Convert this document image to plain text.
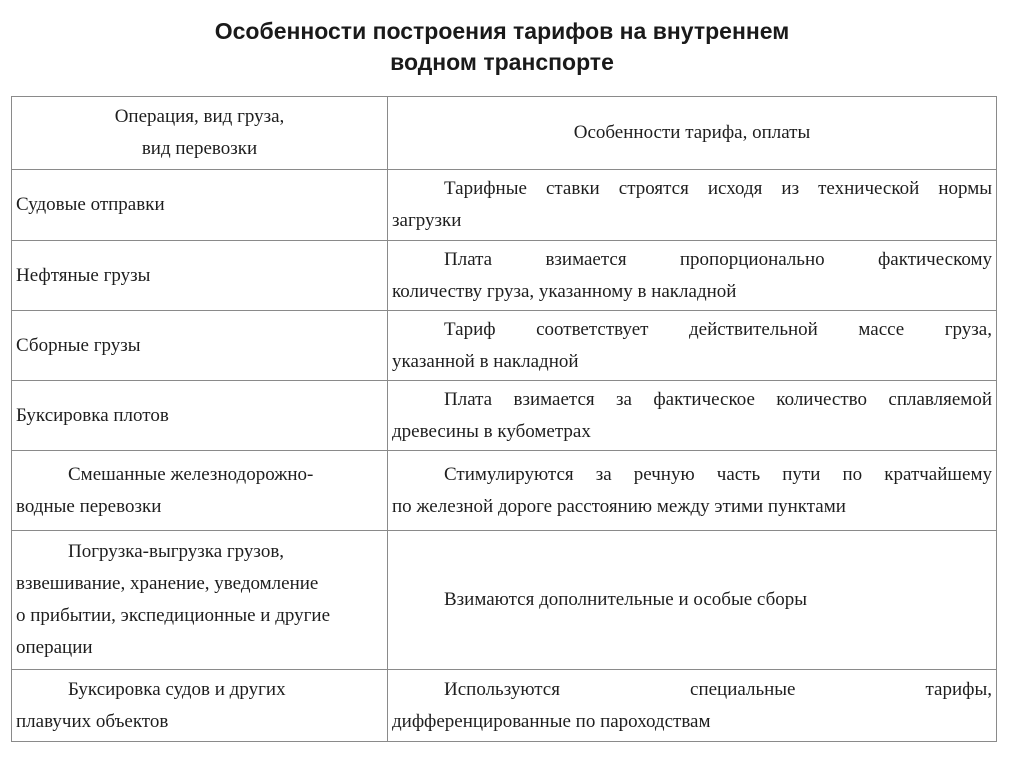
Особенности построения тарифов на внутреннем
водном транспорте
Операция, вид груза,
вид перевозки	Особенности тарифа, оплаты
Судовые отправки	Тарифные ставки строятся исходя из технической нормы
загрузки

Нефтяные грузы	Плата взимается пропорционально фактическому
количеству груза, указанному в накладной

Сборные грузы	Тариф соответствует действительной массе груза,
указанной в накладной

Буксировка плотов	Плата взимается за фактическое количество сплавляемой
древесины в кубометрах

Смешанные железнодорожно-
водные перевозки	Стимулируются за речную часть пути по кратчайшему
по железной дороге расстоянию между этими пунктами

Погрузка-выгрузка грузов,
взвешивание, хранение, уведомление
о прибытии, экспедиционные и другие
операции	Взимаются дополнительные и особые сборы

Буксировка судов и других
плавучих объектов	Используются специальные тарифы,
дифференцированные по пароходствам
